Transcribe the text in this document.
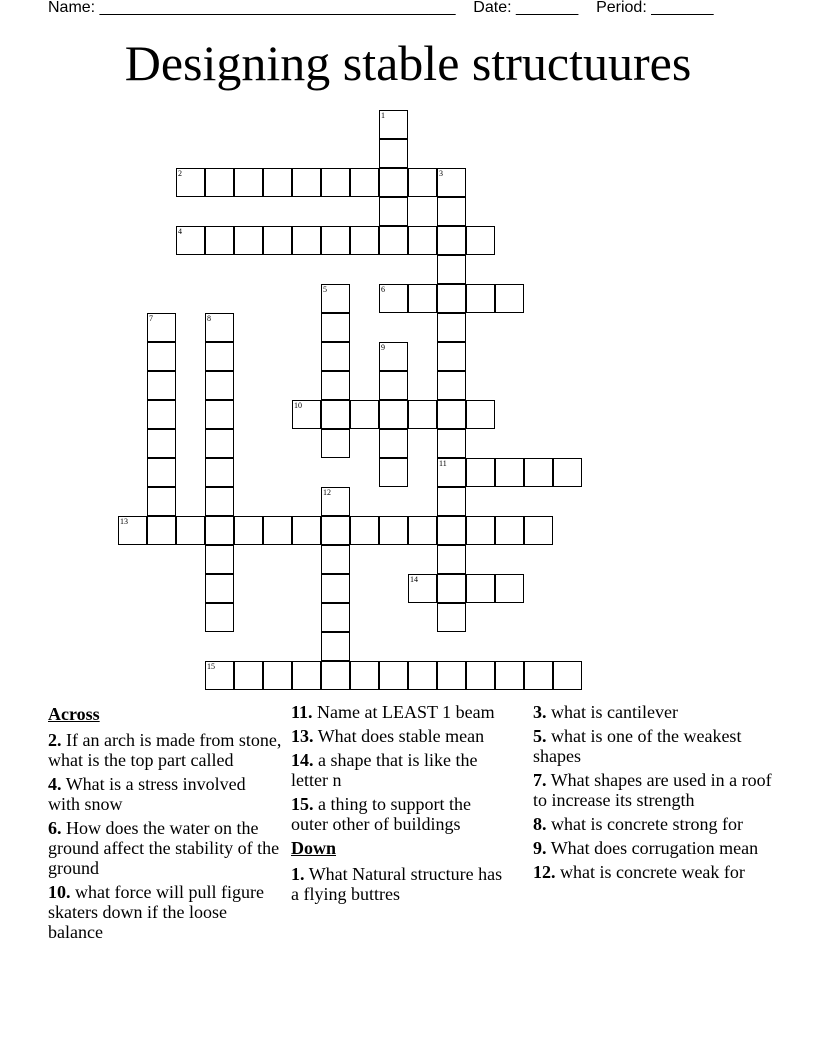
Name: ________________________________________ Date: _______ Period: _______
Designing stable structuures
1
2	3
11
4
5	6
7	8
9
10
12
13
14
15
Across
2. If an arch is made from stone, what is the top part called
4. What is a stress involved with snow
6. How does the water on the ground affect the stability of the ground
10. what force will pull figure skaters down if the loose balance
11. Name at LEAST 1 beam
13. What does stable mean
14. a shape that is like the letter n
15. a thing to support the outer other of buildings
Down
1. What Natural structure has a flying buttres
3. what is cantilever
5. what is one of the weakest shapes
7. What shapes are used in a roof to increase its strength
8. what is concrete strong for
9. What does corrugation mean
12. what is concrete weak for
